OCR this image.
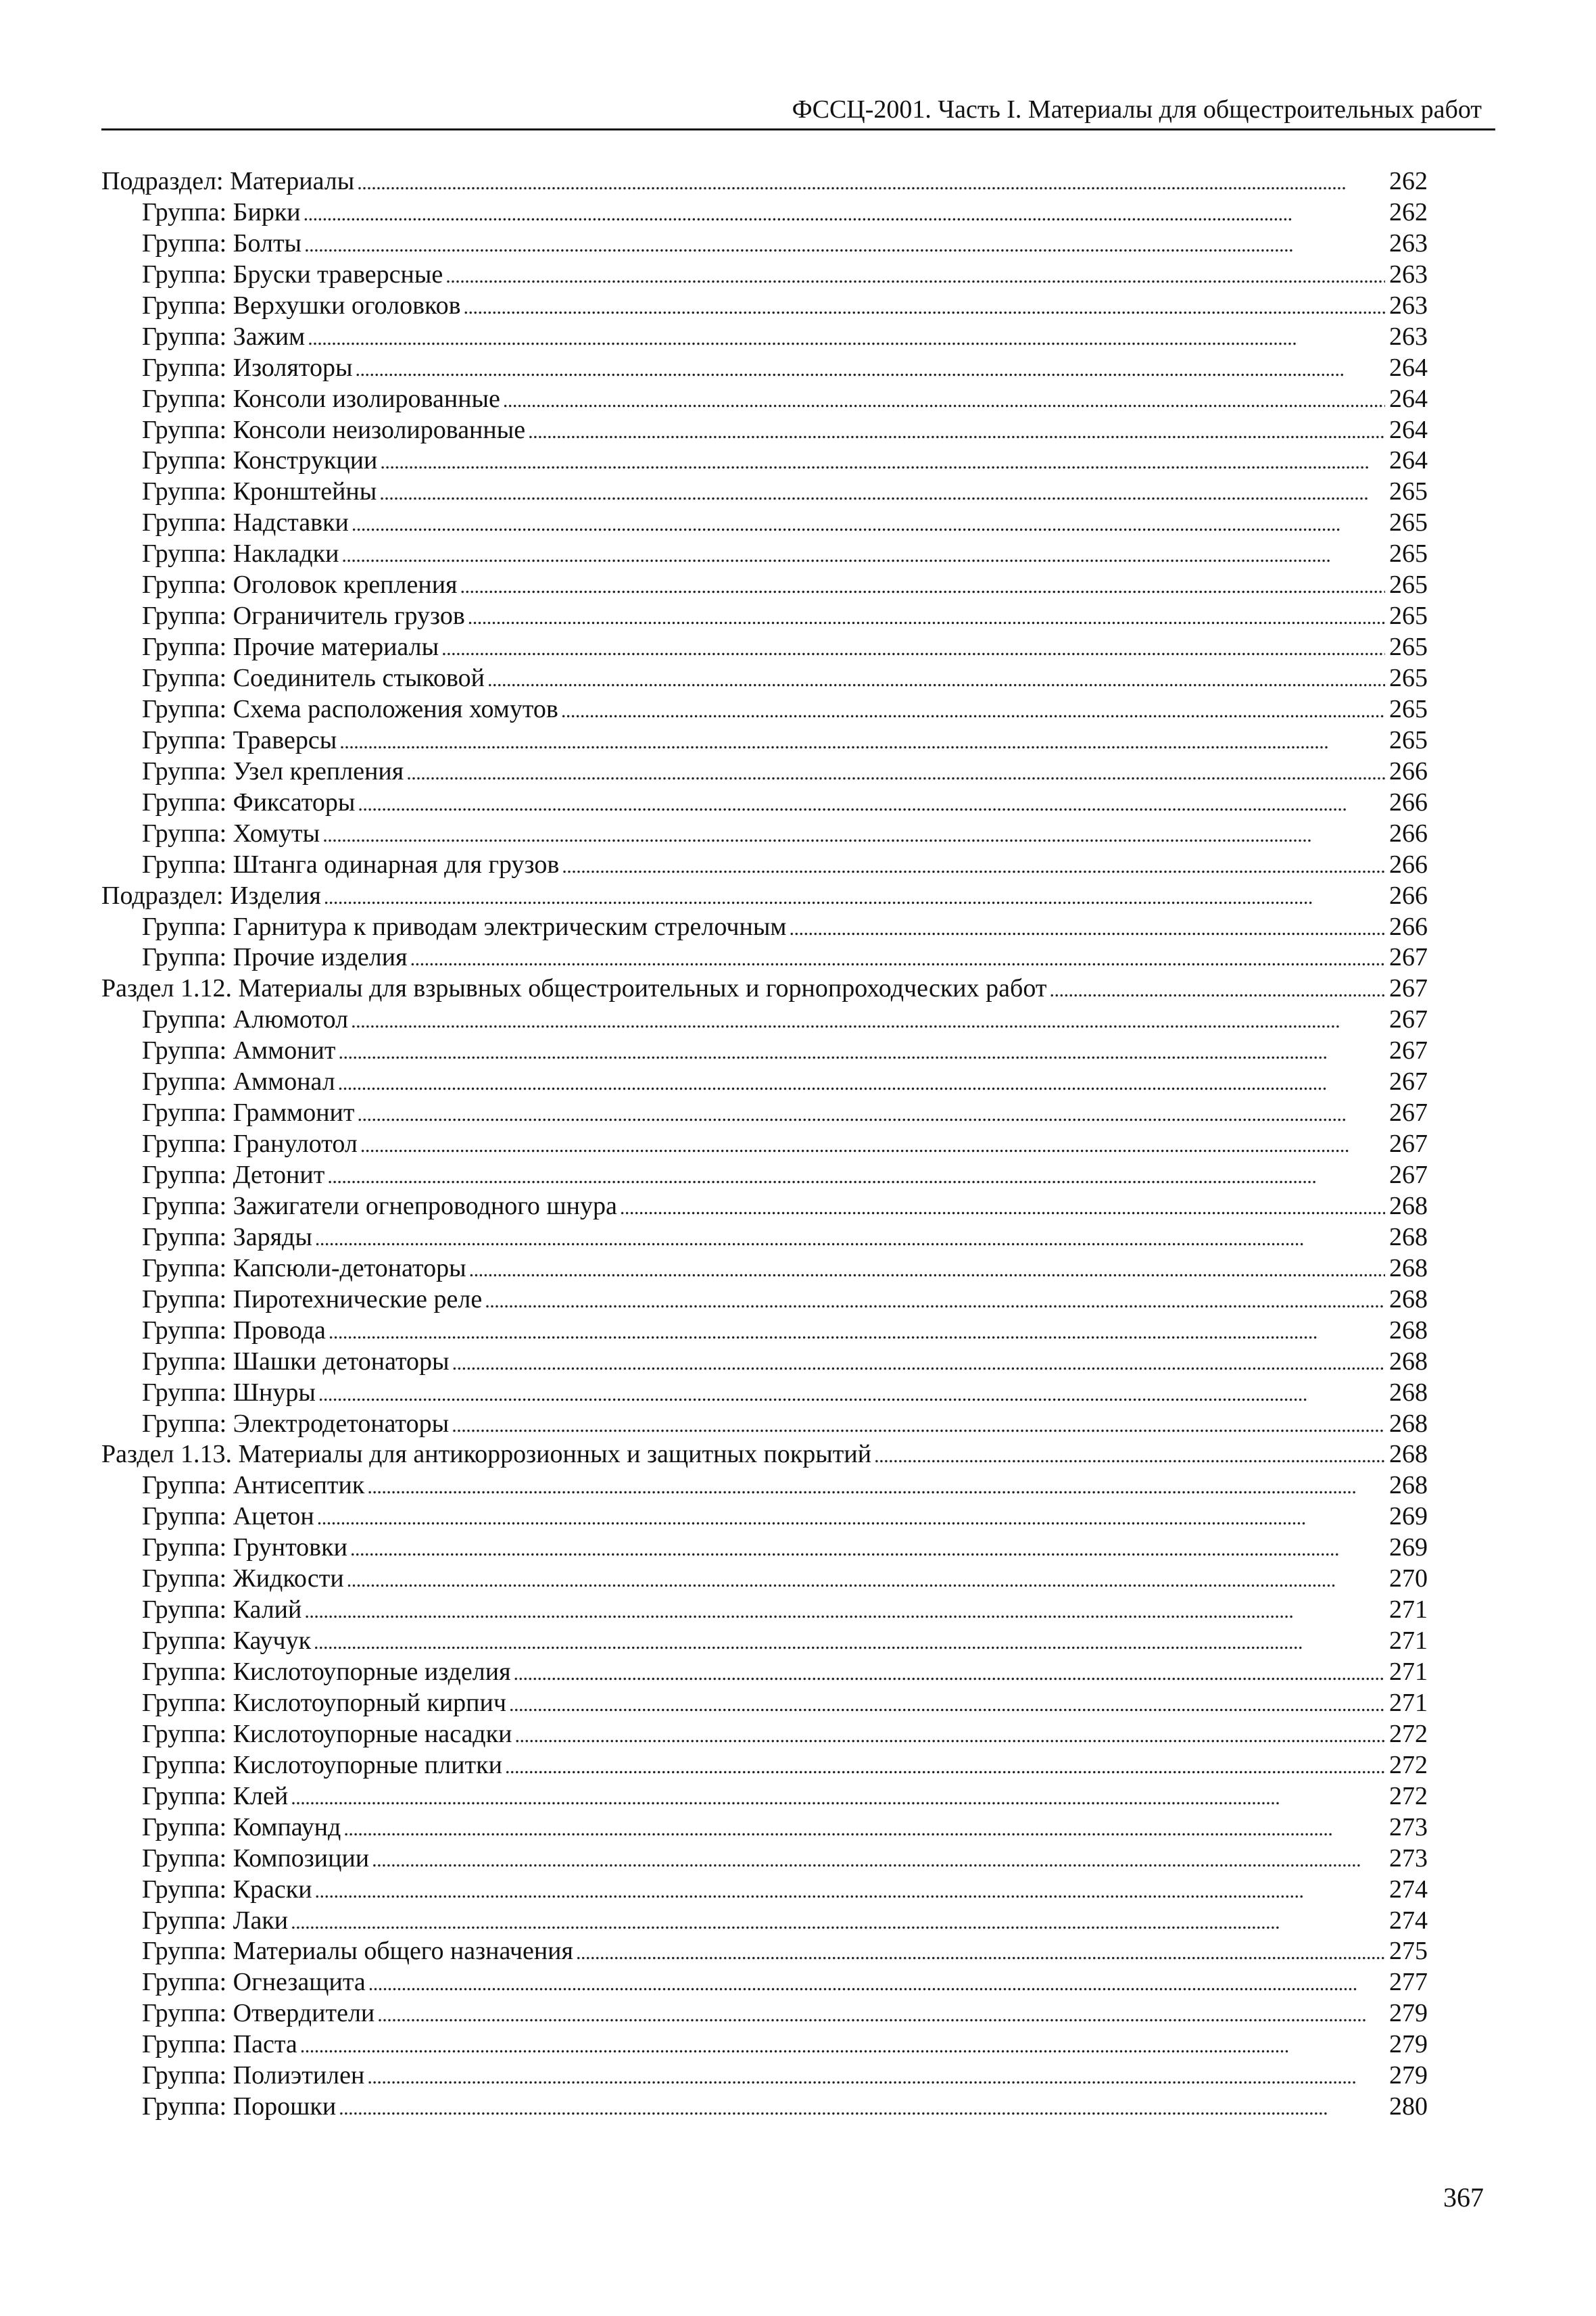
ФССЦ-2001. Часть I. Материалы для общестроительных работ
Подраздел: Материалы . . .	262
Группа: Бирки . . .	262
Группа: Болты . . .	263
Группа: Бруски траверсные . . .	263
Группа: Верхушки оголовков . . .	263
Группа: Зажим . . .	263
Группа: Изоляторы . . .	264
Группа: Консоли изолированные . . .	264
Группа: Консоли неизолированные . . .	264
Группа: Конструкции . . .	264
Группа: Кронштейны . . .	265
Группа: Надставки . . .	265
Группа: Накладки . . .	265
Группа: Оголовок крепления . . .	265
Группа: Ограничитель грузов . . .	265
Группа: Прочие материалы . . .	265
Группа: Соединитель стыковой . . .	265
Группа: Схема расположения хомутов . . .	265
Группа: Траверсы . . .	265
Группа: Узел крепления . . .	266
Группа: Фиксаторы . . .	266
Группа: Хомуты . . .	266
Группа: Штанга одинарная для грузов . . .	266
Подраздел: Изделия . . .	266
Группа: Гарнитура к приводам электрическим стрелочным . . .	266
Группа: Прочие изделия . . .	267
Раздел 1.12. Материалы для взрывных общестроительных и горнопроходческих работ . . .	267
Группа: Алюмотол . . .	267
Группа: Аммонит . . .	267
Группа: Аммонал . . .	267
Группа: Граммонит . . .	267
Группа: Гранулотол . . .	267
Группа: Детонит . . .	267
Группа: Зажигатели огнепроводного шнура . . .	268
Группа: Заряды . . .	268
Группа: Капсюли-детонаторы . . .	268
Группа: Пиротехнические реле . . .	268
Группа: Провода . . .	268
Группа: Шашки детонаторы . . .	268
Группа: Шнуры . . .	268
Группа: Электродетонаторы . . .	268
Раздел 1.13. Материалы для антикоррозионных и защитных покрытий . . .	268
Группа: Антисептик . . .	268
Группа: Ацетон . . .	269
Группа: Грунтовки . . .	269
Группа: Жидкости . . .	270
Группа: Калий . . .	271
Группа: Каучук . . .	271
Группа: Кислотоупорные изделия . . .	271
Группа: Кислотоупорный кирпич . . .	271
Группа: Кислотоупорные насадки . . .	272
Группа: Кислотоупорные плитки . . .	272
Группа: Клей . . .	272
Группа: Компаунд . . .	273
Группа: Композиции . . .	273
Группа: Краски . . .	274
Группа: Лаки . . .	274
Группа: Материалы общего назначения . . .	275
Группа: Огнезащита . . .	277
Группа: Отвердители . . .	279
Группа: Паста . . .	279
Группа: Полиэтилен . . .	279
Группа: Порошки . . .	280
367
